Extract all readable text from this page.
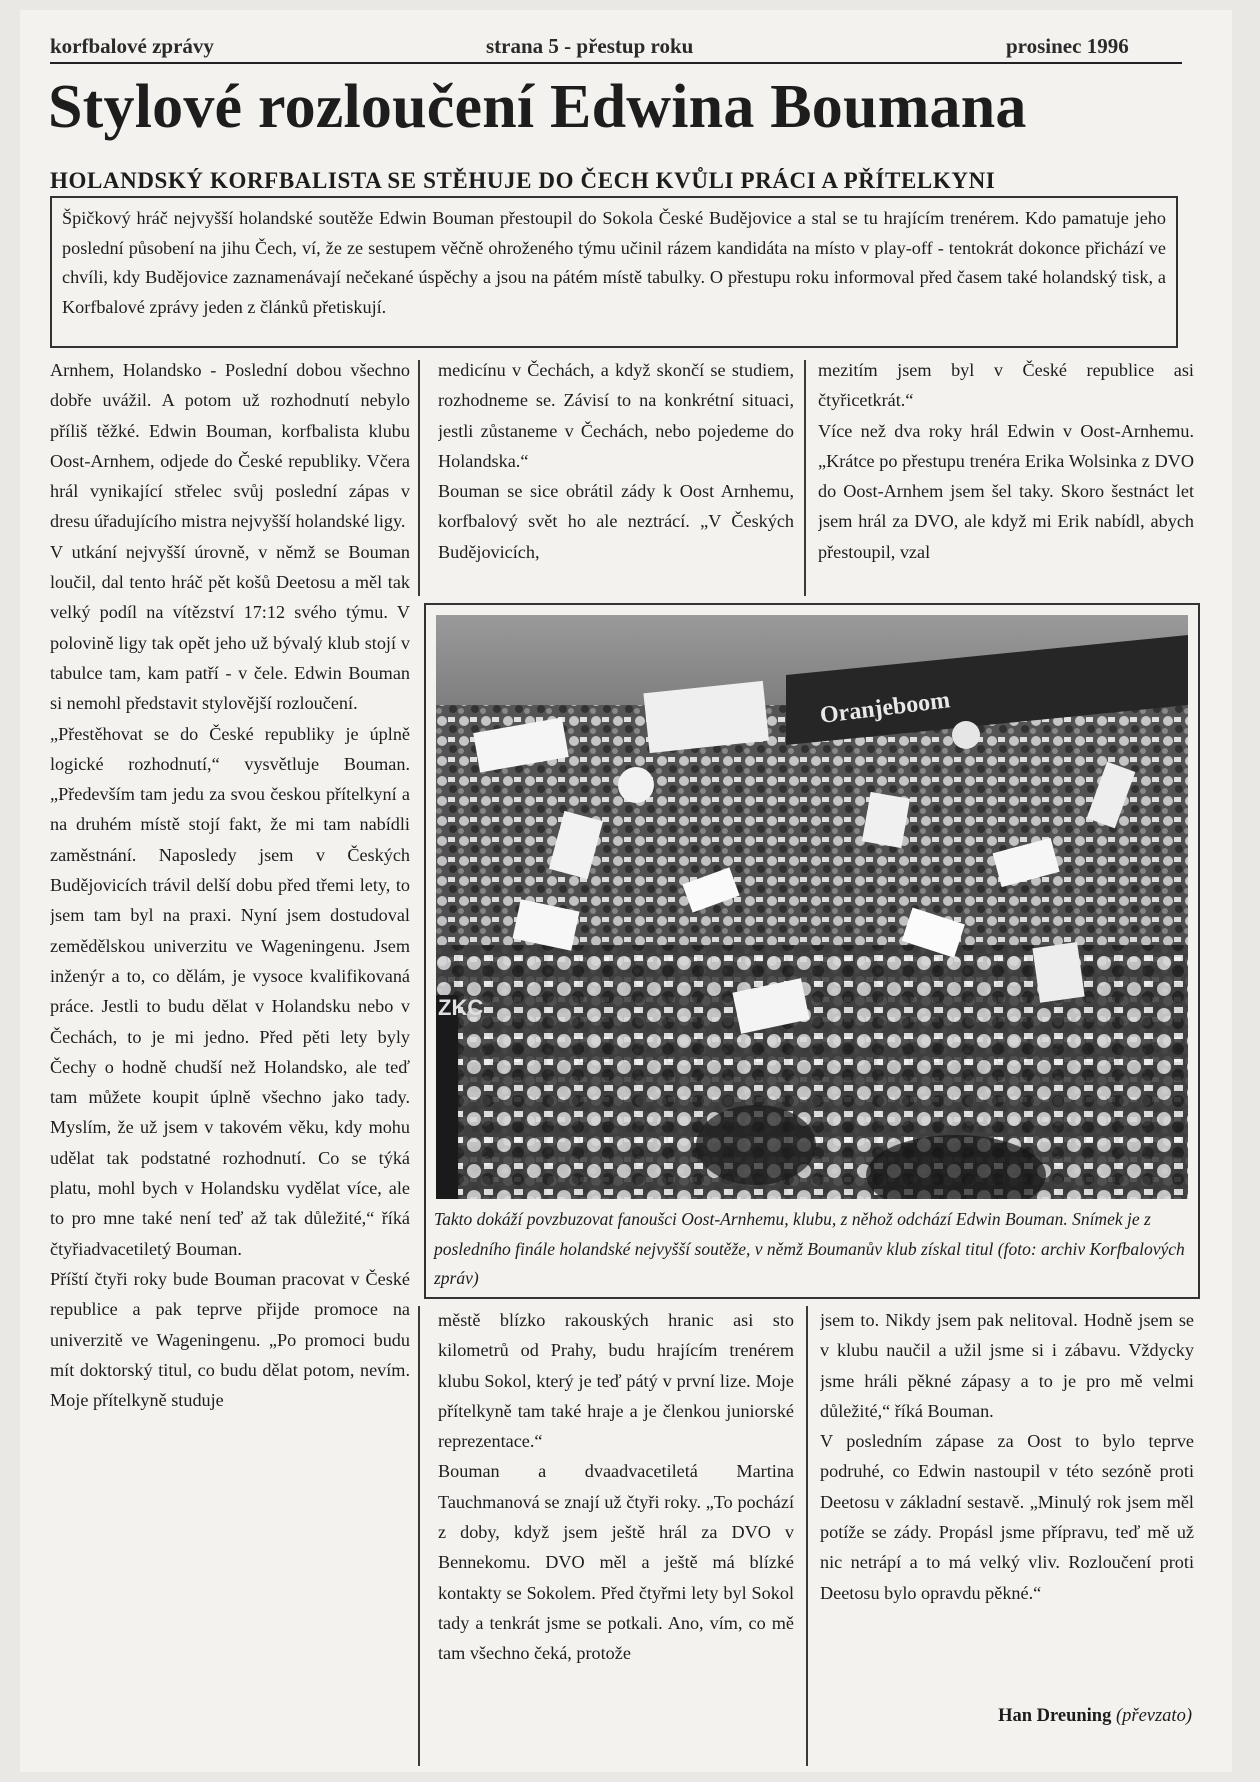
korfbalové zprávy	strana 5 - přestup roku	prosinec 1996
Stylové rozloučení Edwina Boumana
HOLANDSKÝ KORFBALISTA SE STĚHUJE DO ČECH KVŮLI PRÁCI A PŘÍTELKYNI

Špičkový hráč nejvyšší holandské soutěže Edwin Bouman přestoupil do Sokola České Budějovice a stal se tu hrajícím trenérem. Kdo pamatuje jeho poslední působení na jihu Čech, ví, že ze sestupem věčně ohroženého týmu učinil rázem kandidáta na místo v play-off - tentokrát dokonce přichází ve chvíli, kdy Budějovice zaznamenávají nečekané úspěchy a jsou na pátém místě tabulky. O přestupu roku informoval před časem také holandský tisk, a Korfbalové zprávy jeden z článků přetiskují.

Arnhem, Holandsko - Poslední dobou všechno dobře uvážil. A potom už rozhodnutí nebylo příliš těžké. Edwin Bouman, korfbalista klubu Oost-Arnhem, odjede do České republiky. Včera hrál vynikající střelec svůj poslední zápas v dresu úřadujícího mistra nejvyšší holandské ligy.

V utkání nejvyšší úrovně, v němž se Bouman loučil, dal tento hráč pět košů Deetosu a měl tak velký podíl na vítězství 17:12 svého týmu. V polovině ligy tak opět jeho už bývalý klub stojí v tabulce tam, kam patří - v čele. Edwin Bouman si nemohl představit stylovější rozloučení.

„Přestěhovat se do České republiky je úplně logické rozhodnutí,“ vysvětluje Bouman. „Především tam jedu za svou českou přítelkyní a na druhém místě stojí fakt, že mi tam nabídli zaměstnání. Naposledy jsem v Českých Budějovicích trávil delší dobu před třemi lety, to jsem tam byl na praxi. Nyní jsem dostudoval zemědělskou univerzitu ve Wageningenu. Jsem inženýr a to, co dělám, je vysoce kvalifikovaná práce. Jestli to budu dělat v Holandsku nebo v Čechách, to je mi jedno. Před pěti lety byly Čechy o hodně chudší než Holandsko, ale teď tam můžete koupit úplně všechno jako tady. Myslím, že už jsem v takovém věku, kdy mohu udělat tak podstatné rozhodnutí. Co se týká platu, mohl bych v Holandsku vydělat více, ale to pro mne také není teď až tak důležité,“ říká čtyřiadvacetiletý Bouman.

Příští čtyři roky bude Bouman pracovat v České republice a pak teprve přijde promoce na univerzitě ve Wageningenu. „Po promoci budu mít doktorský titul, co budu dělat potom, nevím. Moje přítelkyně studuje

medicínu v Čechách, a když skončí se studiem, rozhodneme se. Závisí to na konkrétní situaci, jestli zůstaneme v Čechách, nebo pojedeme do Holandska.“

Bouman se sice obrátil zády k Oost Arnhemu, korfbalový svět ho ale neztrácí. „V Českých Budějovicích,

mezitím jsem byl v České republice asi čtyřicetkrát.“

Více než dva roky hrál Edwin v Oost-Arnhemu. „Krátce po přestupu trenéra Erika Wolsinka z DVO do Oost-Arnhem jsem šel taky. Skoro šestnáct let jsem hrál za DVO, ale když mi Erik nabídl, abych přestoupil, vzal

Oranjeboom
ZKC

Takto dokáží povzbuzovat fanoušci Oost-Arnhemu, klubu, z něhož odchází Edwin Bouman. Snímek je z posledního finále holandské nejvyšší soutěže, v němž Boumanův klub získal titul (foto: archiv Korfbalových zpráv)

městě blízko rakouských hranic asi sto kilometrů od Prahy, budu hrajícím trenérem klubu Sokol, který je teď pátý v první lize. Moje přítelkyně tam také hraje a je členkou juniorské reprezentace.“

Bouman a dvaadvacetiletá Martina Tauchmanová se znají už čtyři roky. „To pochází z doby, když jsem ještě hrál za DVO v Bennekomu. DVO měl a ještě má blízké kontakty se Sokolem. Před čtyřmi lety byl Sokol tady a tenkrát jsme se potkali. Ano, vím, co mě tam všechno čeká, protože

jsem to. Nikdy jsem pak nelitoval. Hodně jsem se v klubu naučil a užil jsme si i zábavu. Vždycky jsme hráli pěkné zápasy a to je pro mě velmi důležité,“ říká Bouman.

V posledním zápase za Oost to bylo teprve podruhé, co Edwin nastoupil v této sezóně proti Deetosu v základní sestavě. „Minulý rok jsem měl potíže se zády. Propásl jsme přípravu, teď mě už nic netrápí a to má velký vliv. Rozloučení proti Deetosu bylo opravdu pěkné.“

Han Dreuning (převzato)
